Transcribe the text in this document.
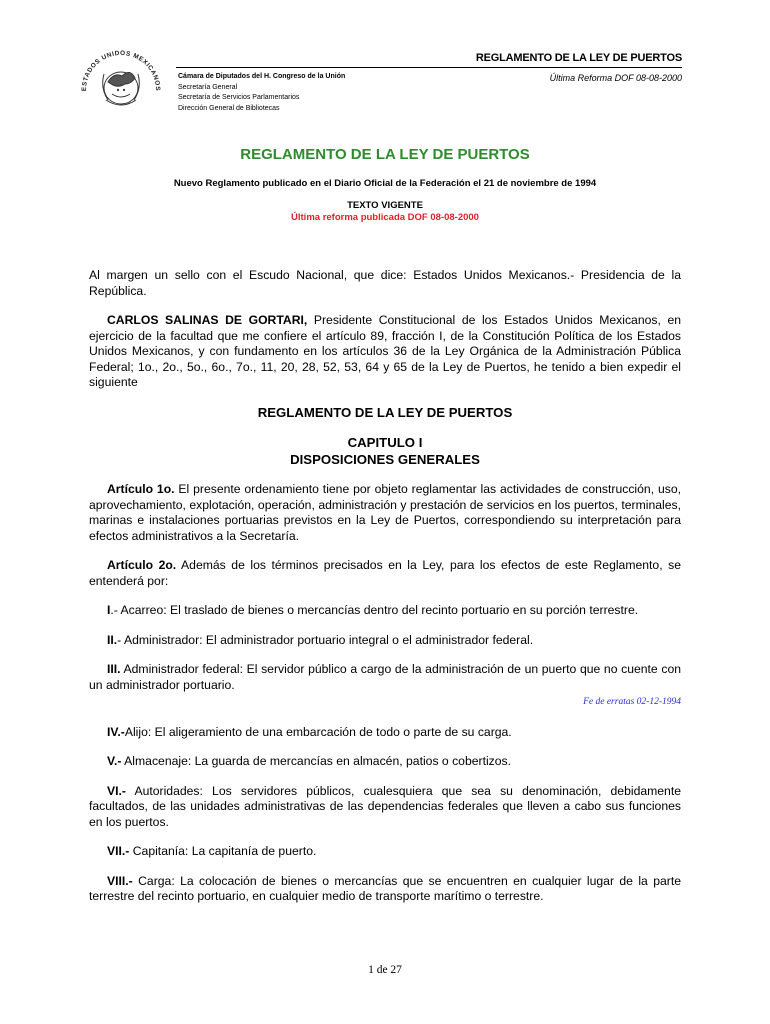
ESTADOS UNIDOS MEXICANOS
REGLAMENTO DE LA LEY DE PUERTOS
Cámara de Diputados del H. Congreso de la Unión
Secretaría General
Secretaría de Servicios Parlamentarios
Dirección General de Bibliotecas
Última Reforma DOF 08-08-2000
REGLAMENTO DE LA LEY DE PUERTOS
Nuevo Reglamento publicado en el Diario Oficial de la Federación el 21 de noviembre de 1994
TEXTO VIGENTE
Última reforma publicada DOF 08-08-2000

Al margen un sello con el Escudo Nacional, que dice: Estados Unidos Mexicanos.- Presidencia de la República.

CARLOS SALINAS DE GORTARI, Presidente Constitucional de los Estados Unidos Mexicanos, en ejercicio de la facultad que me confiere el artículo 89, fracción I, de la Constitución Política de los Estados Unidos Mexicanos, y con fundamento en los artículos 36 de la Ley Orgánica de la Administración Pública Federal; 1o., 2o., 5o., 6o., 7o., 11, 20, 28, 52, 53, 64 y 65 de la Ley de Puertos, he tenido a bien expedir el siguiente

REGLAMENTO DE LA LEY DE PUERTOS

CAPITULO I
DISPOSICIONES GENERALES

Artículo 1o. El presente ordenamiento tiene por objeto reglamentar las actividades de construcción, uso, aprovechamiento, explotación, operación, administración y prestación de servicios en los puertos, terminales, marinas e instalaciones portuarias previstos en la Ley de Puertos, correspondiendo su interpretación para efectos administrativos a la Secretaría.

Artículo 2o. Además de los términos precisados en la Ley, para los efectos de este Reglamento, se entenderá por:

I.- Acarreo: El traslado de bienes o mercancías dentro del recinto portuario en su porción terrestre.

II.- Administrador: El administrador portuario integral o el administrador federal.

III. Administrador federal: El servidor público a cargo de la administración de un puerto que no cuente con un administrador portuario.

Fe de erratas 02-12-1994

IV.-Alijo: El aligeramiento de una embarcación de todo o parte de su carga.

V.- Almacenaje: La guarda de mercancías en almacén, patios o cobertizos.

VI.- Autoridades: Los servidores públicos, cualesquiera que sea su denominación, debidamente facultados, de las unidades administrativas de las dependencias federales que lleven a cabo sus funciones en los puertos.

VII.- Capitanía: La capitanía de puerto.

VIII.- Carga: La colocación de bienes o mercancías que se encuentren en cualquier lugar de la parte terrestre del recinto portuario, en cualquier medio de transporte marítimo o terrestre.

1 de 27
